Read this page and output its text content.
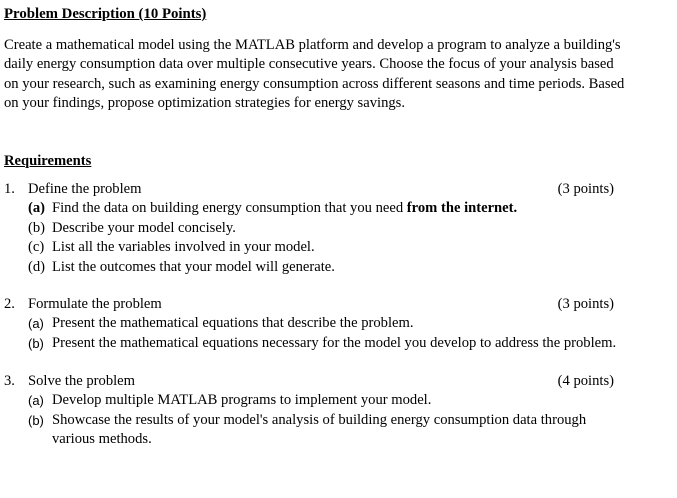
Problem Description (10 Points)
Create a mathematical model using the MATLAB platform and develop a program to analyze a building's
daily energy consumption data over multiple consecutive years. Choose the focus of your analysis based
on your research, such as examining energy consumption across different seasons and time periods. Based
on your findings, propose optimization strategies for energy savings.
Requirements
1. Define the problem	(3 points)
(a) Find the data on building energy consumption that you need from the internet.
(b) Describe your model concisely.
(c) List all the variables involved in your model.
(d) List the outcomes that your model will generate.
2. Formulate the problem	(3 points)
(a) Present the mathematical equations that describe the problem.
(b) Present the mathematical equations necessary for the model you develop to address the problem.
3. Solve the problem	(4 points)
(a) Develop multiple MATLAB programs to implement your model.
(b) Showcase the results of your model's analysis of building energy consumption data through
various methods.
